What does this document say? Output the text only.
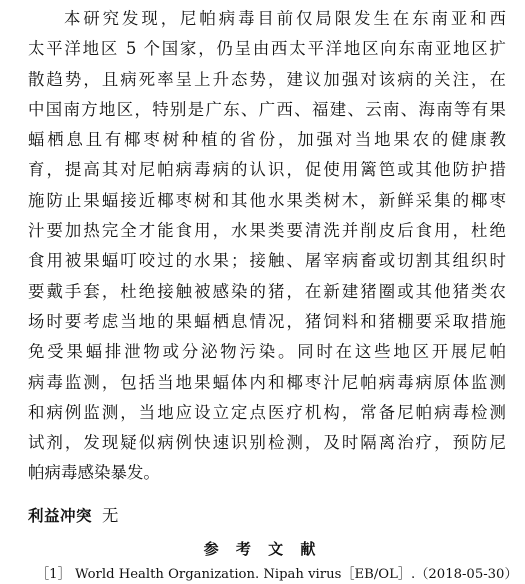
本研究发现，尼帕病毒目前仅局限发生在东南亚和西
太平洋地区 5 个国家，仍呈由西太平洋地区向东南亚地区扩
散趋势，且病死率呈上升态势，建议加强对该病的关注，在
中国南方地区，特别是广东、广西、福建、云南、海南等有果
蝠栖息且有椰枣树种植的省份，加强对当地果农的健康教
育，提高其对尼帕病毒病的认识，促使用篱笆或其他防护措
施防止果蝠接近椰枣树和其他水果类树木，新鲜采集的椰枣
汁要加热完全才能食用，水果类要清洗并削皮后食用，杜绝
食用被果蝠叮咬过的水果；接触、屠宰病畜或切割其组织时
要戴手套，杜绝接触被感染的猪，在新建猪圈或其他猪类农
场时要考虑当地的果蝠栖息情况，猪饲料和猪棚要采取措施
免受果蝠排泄物或分泌物污染。同时在这些地区开展尼帕
病毒监测，包括当地果蝠体内和椰枣汁尼帕病毒病原体监测
和病例监测，当地应设立定点医疗机构，常备尼帕病毒检测
试剂，发现疑似病例快速识别检测，及时隔离治疗，预防尼
帕病毒感染暴发。
利益冲突 无
参 考 文 献
［1］ World Health Organization. Nipah virus［EB/OL］.（2018-05-30）
